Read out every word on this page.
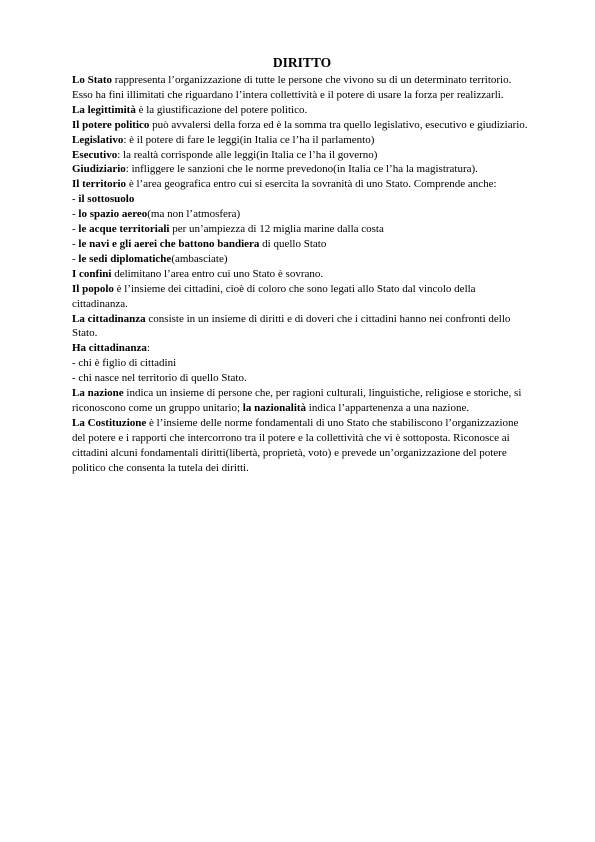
DIRITTO

Lo Stato rappresenta l’organizzazione di tutte le persone che vivono su di un determinato territorio. Esso ha fini illimitati che riguardano l’intera collettività e il potere di usare la forza per realizzarli.

La legittimità è la giustificazione del potere politico.

Il potere politico può avvalersi della forza ed è la somma tra quello legislativo, esecutivo e giudiziario.

Legislativo: è il potere di fare le leggi(in Italia ce l’ha il parlamento)

Esecutivo: la realtà corrisponde alle leggi(in Italia ce l’ha il governo)

Giudiziario: infliggere le sanzioni che le norme prevedono(in Italia ce l’ha la magistratura).

Il territorio è l’area geografica entro cui si esercita la sovranità di uno Stato. Comprende anche:

- il sottosuolo

- lo spazio aereo(ma non l’atmosfera)

- le acque territoriali per un’ampiezza di 12 miglia marine dalla costa

- le navi e gli aerei che battono bandiera di quello Stato

- le sedi diplomatiche(ambasciate)

I confini delimitano l’area entro cui uno Stato è sovrano.

Il popolo è l’insieme dei cittadini, cioè di coloro che sono legati allo Stato dal vincolo della cittadinanza.

La cittadinanza consiste in un insieme di diritti e di doveri che i cittadini hanno nei confronti dello Stato.

Ha cittadinanza:

- chi è figlio di cittadini

- chi nasce nel territorio di quello Stato.

La nazione indica un insieme di persone che, per ragioni culturali, linguistiche, religiose e storiche, si riconoscono come un gruppo unitario; la nazionalità indica l’appartenenza a una nazione.

La Costituzione è l’insieme delle norme fondamentali di uno Stato che stabiliscono l’organizzazione del potere e i rapporti che intercorrono tra il potere e la collettività che vi è sottoposta. Riconosce ai cittadini alcuni fondamentali diritti(libertà, proprietà, voto) e prevede un’organizzazione del potere politico che consenta la tutela dei diritti.
